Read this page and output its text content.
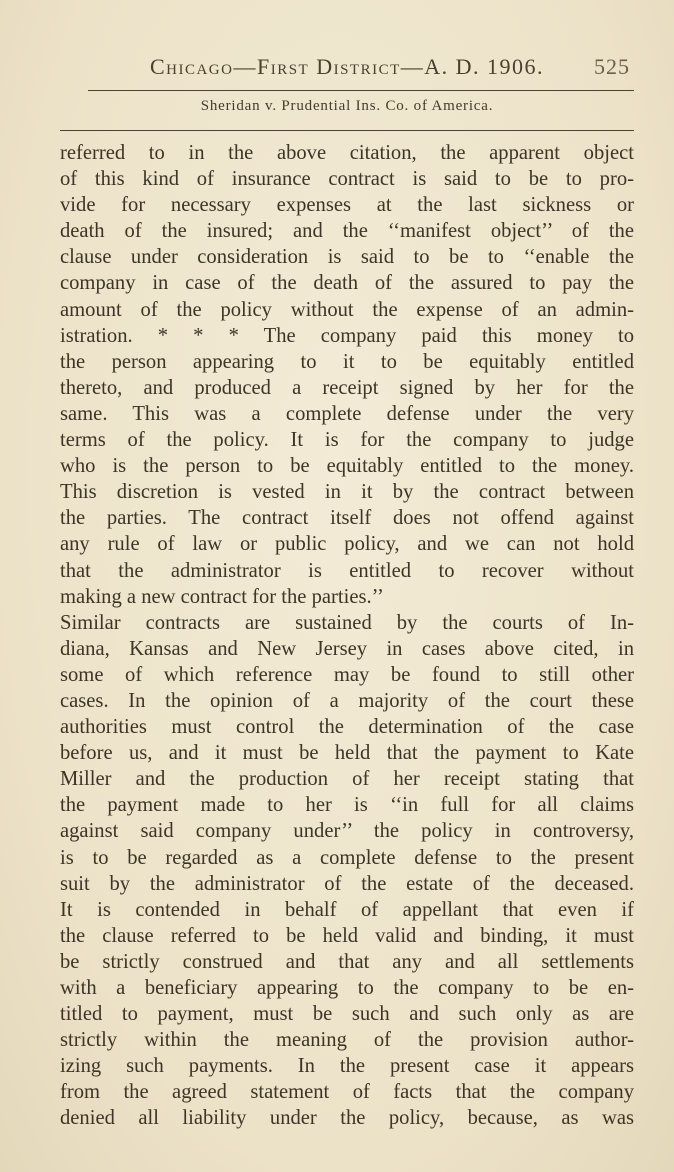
Chicago—First District—A. D. 1906.	525
Sheridan v. Prudential Ins. Co. of America.
referred to in the above citation, the apparent object
of this kind of insurance contract is said to be to pro-
vide for necessary expenses at the last sickness or
death of the insured; and the ‘‘manifest object’’ of the
clause under consideration is said to be to ‘‘enable the
company in case of the death of the assured to pay the
amount of the policy without the expense of an admin-
istration. * * * The company paid this money to
the person appearing to it to be equitably entitled
thereto, and produced a receipt signed by her for the
same. This was a complete defense under the very
terms of the policy. It is for the company to judge
who is the person to be equitably entitled to the money.
This discretion is vested in it by the contract between
the parties. The contract itself does not offend against
any rule of law or public policy, and we can not hold
that the administrator is entitled to recover without
making a new contract for the parties.’’
Similar contracts are sustained by the courts of In-
diana, Kansas and New Jersey in cases above cited, in
some of which reference may be found to still other
cases. In the opinion of a majority of the court these
authorities must control the determination of the case
before us, and it must be held that the payment to Kate
Miller and the production of her receipt stating that
the payment made to her is ‘‘in full for all claims
against said company under’’ the policy in controversy,
is to be regarded as a complete defense to the present
suit by the administrator of the estate of the deceased.
It is contended in behalf of appellant that even if
the clause referred to be held valid and binding, it must
be strictly construed and that any and all settlements
with a beneficiary appearing to the company to be en-
titled to payment, must be such and such only as are
strictly within the meaning of the provision author-
izing such payments. In the present case it appears
from the agreed statement of facts that the company
denied all liability under the policy, because, as was
